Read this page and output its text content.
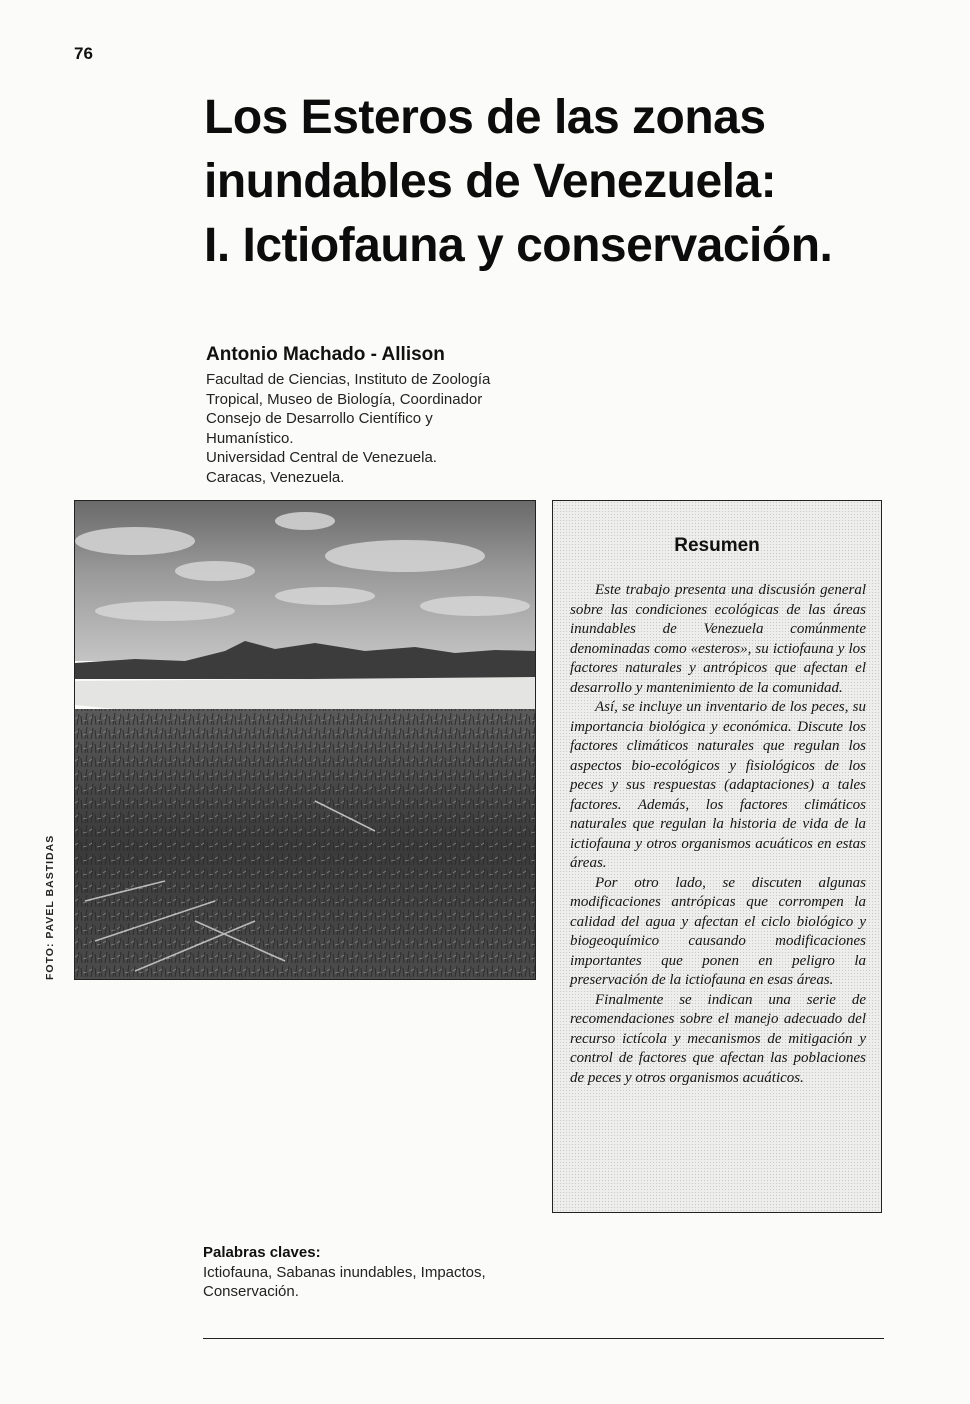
76
Los Esteros de las zonas
inundables de Venezuela:
I. Ictiofauna y conservación.
Antonio Machado - Allison
Facultad de Ciencias, Instituto de Zoología
Tropical, Museo de Biología, Coordinador
Consejo de Desarrollo Científico y
Humanístico.
Universidad Central de Venezuela.
Caracas, Venezuela.
FOTO: PAVEL BASTIDAS
Resumen

Este trabajo presenta una discusión general sobre las condiciones ecológicas de las áreas inundables de Venezuela comúnmente denominadas como «esteros», su ictiofauna y los factores naturales y antrópicos que afectan el desarrollo y mantenimiento de la comunidad.

Así, se incluye un inventario de los peces, su importancia biológica y económica. Discute los factores climáticos naturales que regulan los aspectos bio-ecológicos y fisiológicos de los peces y sus respuestas (adaptaciones) a tales factores. Además, los factores climáticos naturales que regulan la historia de vida de la ictiofauna y otros organismos acuáticos en estas áreas.

Por otro lado, se discuten algunas modificaciones antrópicas que corrompen la calidad del agua y afectan el ciclo biológico y biogeoquímico causando modificaciones importantes que ponen en peligro la preservación de la ictiofauna en esas áreas.

Finalmente se indican una serie de recomendaciones sobre el manejo adecuado del recurso ictícola y mecanismos de mitigación y control de factores que afectan las poblaciones de peces y otros organismos acuáticos.

Palabras claves:
Ictiofauna, Sabanas inundables, Impactos,
Conservación.
